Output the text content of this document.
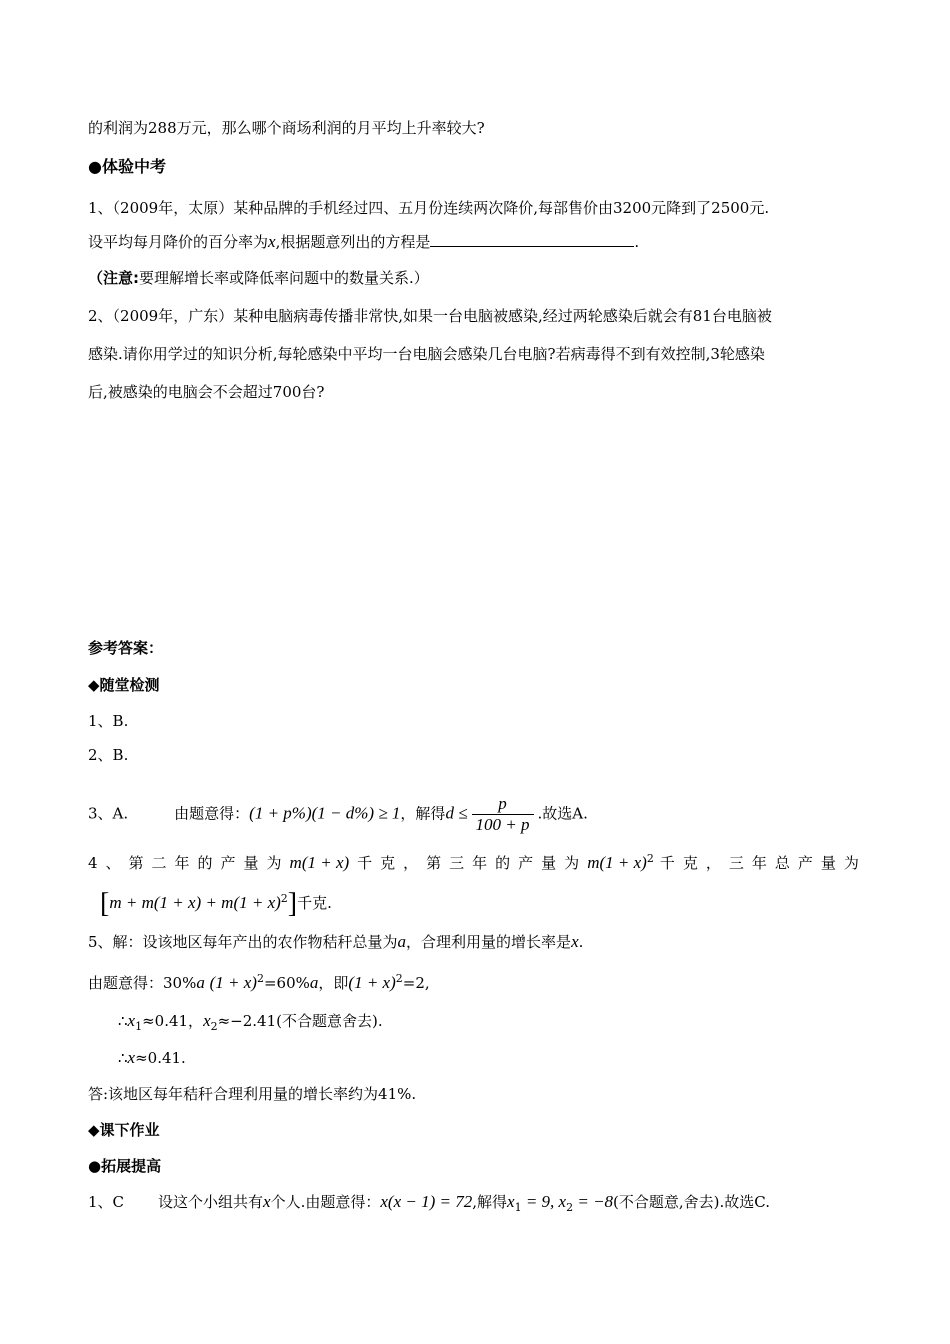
的利润为288万元，那么哪个商场利润的月平均上升率较大?
●体验中考
1、（2009年，太原）某种品牌的手机经过四、五月份连续两次降价,每部售价由3200元降到了2500元.
设平均每月降价的百分率为x,根据题意列出的方程是	.
（注意:要理解增长率或降低率问题中的数量关系.）
2、（2009年，广东）某种电脑病毒传播非常快,如果一台电脑被感染,经过两轮感染后就会有81台电脑被
感染.请你用学过的知识分析,每轮感染中平均一台电脑会感染几台电脑?若病毒得不到有效控制,3轮感染
后,被感染的电脑会不会超过700台?
参考答案：
◆随堂检测
1、B.
2、B.
3、A.	由题意得：(1 + p%)(1 − d%) ≥ 1，解得$d \le \frac{p}{100 + p}$ .故选A.
4、第二年的产量为m(1 + x) 千克，第三年的产量为$m(1 + x)^2$ 千克，三年总产量为
$[m + m(1 + x) + m(1 + x)^2]$千克.
5、解：设该地区每年产出的农作物秸秆总量为a，合理利用量的增长率是x.
由题意得：30%a $(1 + x)^2=60\%a$，即$(1 + x)^2=2$,
$\therefore x_1\approx 0.41$，$x_2\approx-2.41$(不合题意舍去).
∴x≈0.41.
答:该地区每年秸秆合理利用量的增长率约为41%.
◆课下作业
●拓展提高
1、C 设这个小组共有x个人.由题意得：x(x − 1) = 72,解得$x_1 = 9$, $x_2 = -8$(不合题意,舍去).故选C.
